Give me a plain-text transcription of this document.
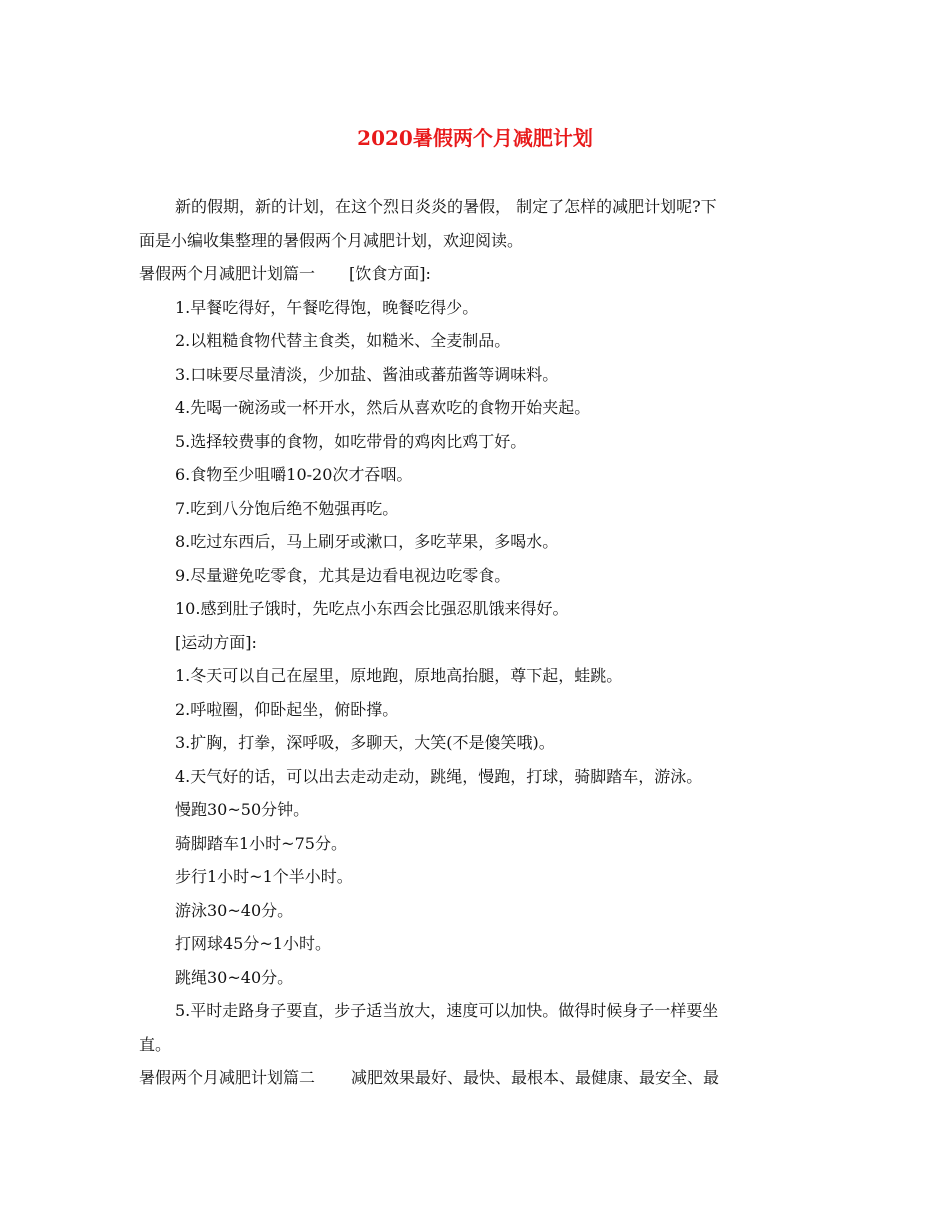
2020暑假两个月减肥计划

新的假期，新的计划，在这个烈日炎炎的暑假， 制定了怎样的减肥计划呢?下

面是小编收集整理的暑假两个月减肥计划，欢迎阅读。

暑假两个月减肥计划篇一 [饮食方面]:

1.早餐吃得好，午餐吃得饱，晚餐吃得少。

2.以粗糙食物代替主食类，如糙米、全麦制品。

3.口味要尽量清淡，少加盐、酱油或蕃茄酱等调味料。

4.先喝一碗汤或一杯开水，然后从喜欢吃的食物开始夹起。

5.选择较费事的食物，如吃带骨的鸡肉比鸡丁好。

6.食物至少咀嚼10-20次才吞咽。

7.吃到八分饱后绝不勉强再吃。

8.吃过东西后，马上刷牙或漱口，多吃苹果，多喝水。

9.尽量避免吃零食，尤其是边看电视边吃零食。

10.感到肚子饿时，先吃点小东西会比强忍肌饿来得好。

[运动方面]:

1.冬天可以自己在屋里，原地跑，原地高抬腿，尊下起，蛙跳。

2.呼啦圈，仰卧起坐，俯卧撑。

3.扩胸，打拳，深呼吸，多聊天，大笑(不是傻笑哦)。

4.天气好的话，可以出去走动走动，跳绳，慢跑，打球，骑脚踏车，游泳。

慢跑30~50分钟。

骑脚踏车1小时~75分。

步行1小时~1个半小时。

游泳30~40分。

打网球45分~1小时。

跳绳30~40分。

5.平时走路身子要直，步子适当放大，速度可以加快。做得时候身子一样要坐

直。

暑假两个月减肥计划篇二 减肥效果最好、最快、最根本、最健康、最安全、最
